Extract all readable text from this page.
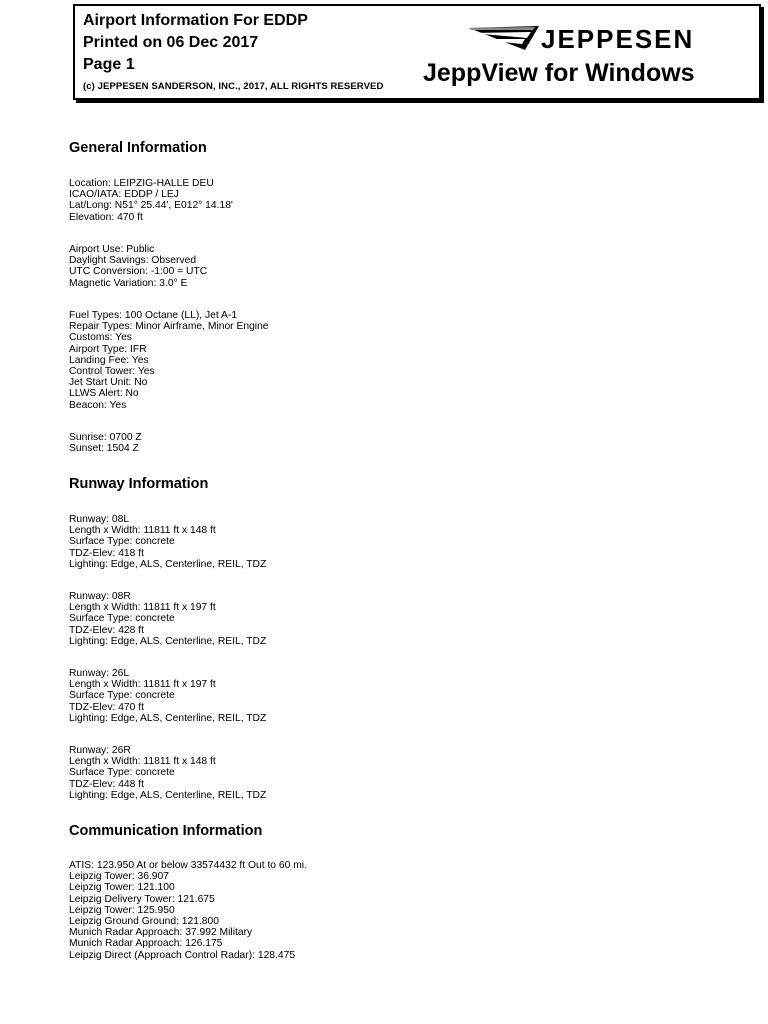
Airport Information For EDDP
Printed on 06 Dec 2017
Page 1
(c) JEPPESEN SANDERSON, INC., 2017, ALL RIGHTS RESERVED
JEPPESEN
JeppView for Windows
General Information
Location: LEIPZIG-HALLE DEU
ICAO/IATA: EDDP / LEJ
Lat/Long: N51° 25.44', E012° 14.18'
Elevation: 470 ft
Airport Use: Public
Daylight Savings: Observed
UTC Conversion: -1:00 = UTC
Magnetic Variation: 3.0° E
Fuel Types: 100 Octane (LL), Jet A-1
Repair Types: Minor Airframe, Minor Engine
Customs: Yes
Airport Type: IFR
Landing Fee: Yes
Control Tower: Yes
Jet Start Unit: No
LLWS Alert: No
Beacon: Yes
Sunrise: 0700 Z
Sunset: 1504 Z
Runway Information
Runway: 08L
Length x Width: 11811 ft x 148 ft
Surface Type: concrete
TDZ-Elev: 418 ft
Lighting: Edge, ALS, Centerline, REIL, TDZ
Runway: 08R
Length x Width: 11811 ft x 197 ft
Surface Type: concrete
TDZ-Elev: 428 ft
Lighting: Edge, ALS, Centerline, REIL, TDZ
Runway: 26L
Length x Width: 11811 ft x 197 ft
Surface Type: concrete
TDZ-Elev: 470 ft
Lighting: Edge, ALS, Centerline, REIL, TDZ
Runway: 26R
Length x Width: 11811 ft x 148 ft
Surface Type: concrete
TDZ-Elev: 448 ft
Lighting: Edge, ALS, Centerline, REIL, TDZ
Communication Information
ATIS: 123.950 At or below 33574432 ft Out to 60 mi.
Leipzig Tower: 36.907
Leipzig Tower: 121.100
Leipzig Delivery Tower: 121.675
Leipzig Tower: 125.950
Leipzig Ground Ground: 121.800
Munich Radar Approach: 37.992 Military
Munich Radar Approach: 126.175
Leipzig Direct (Approach Control Radar): 128.475
